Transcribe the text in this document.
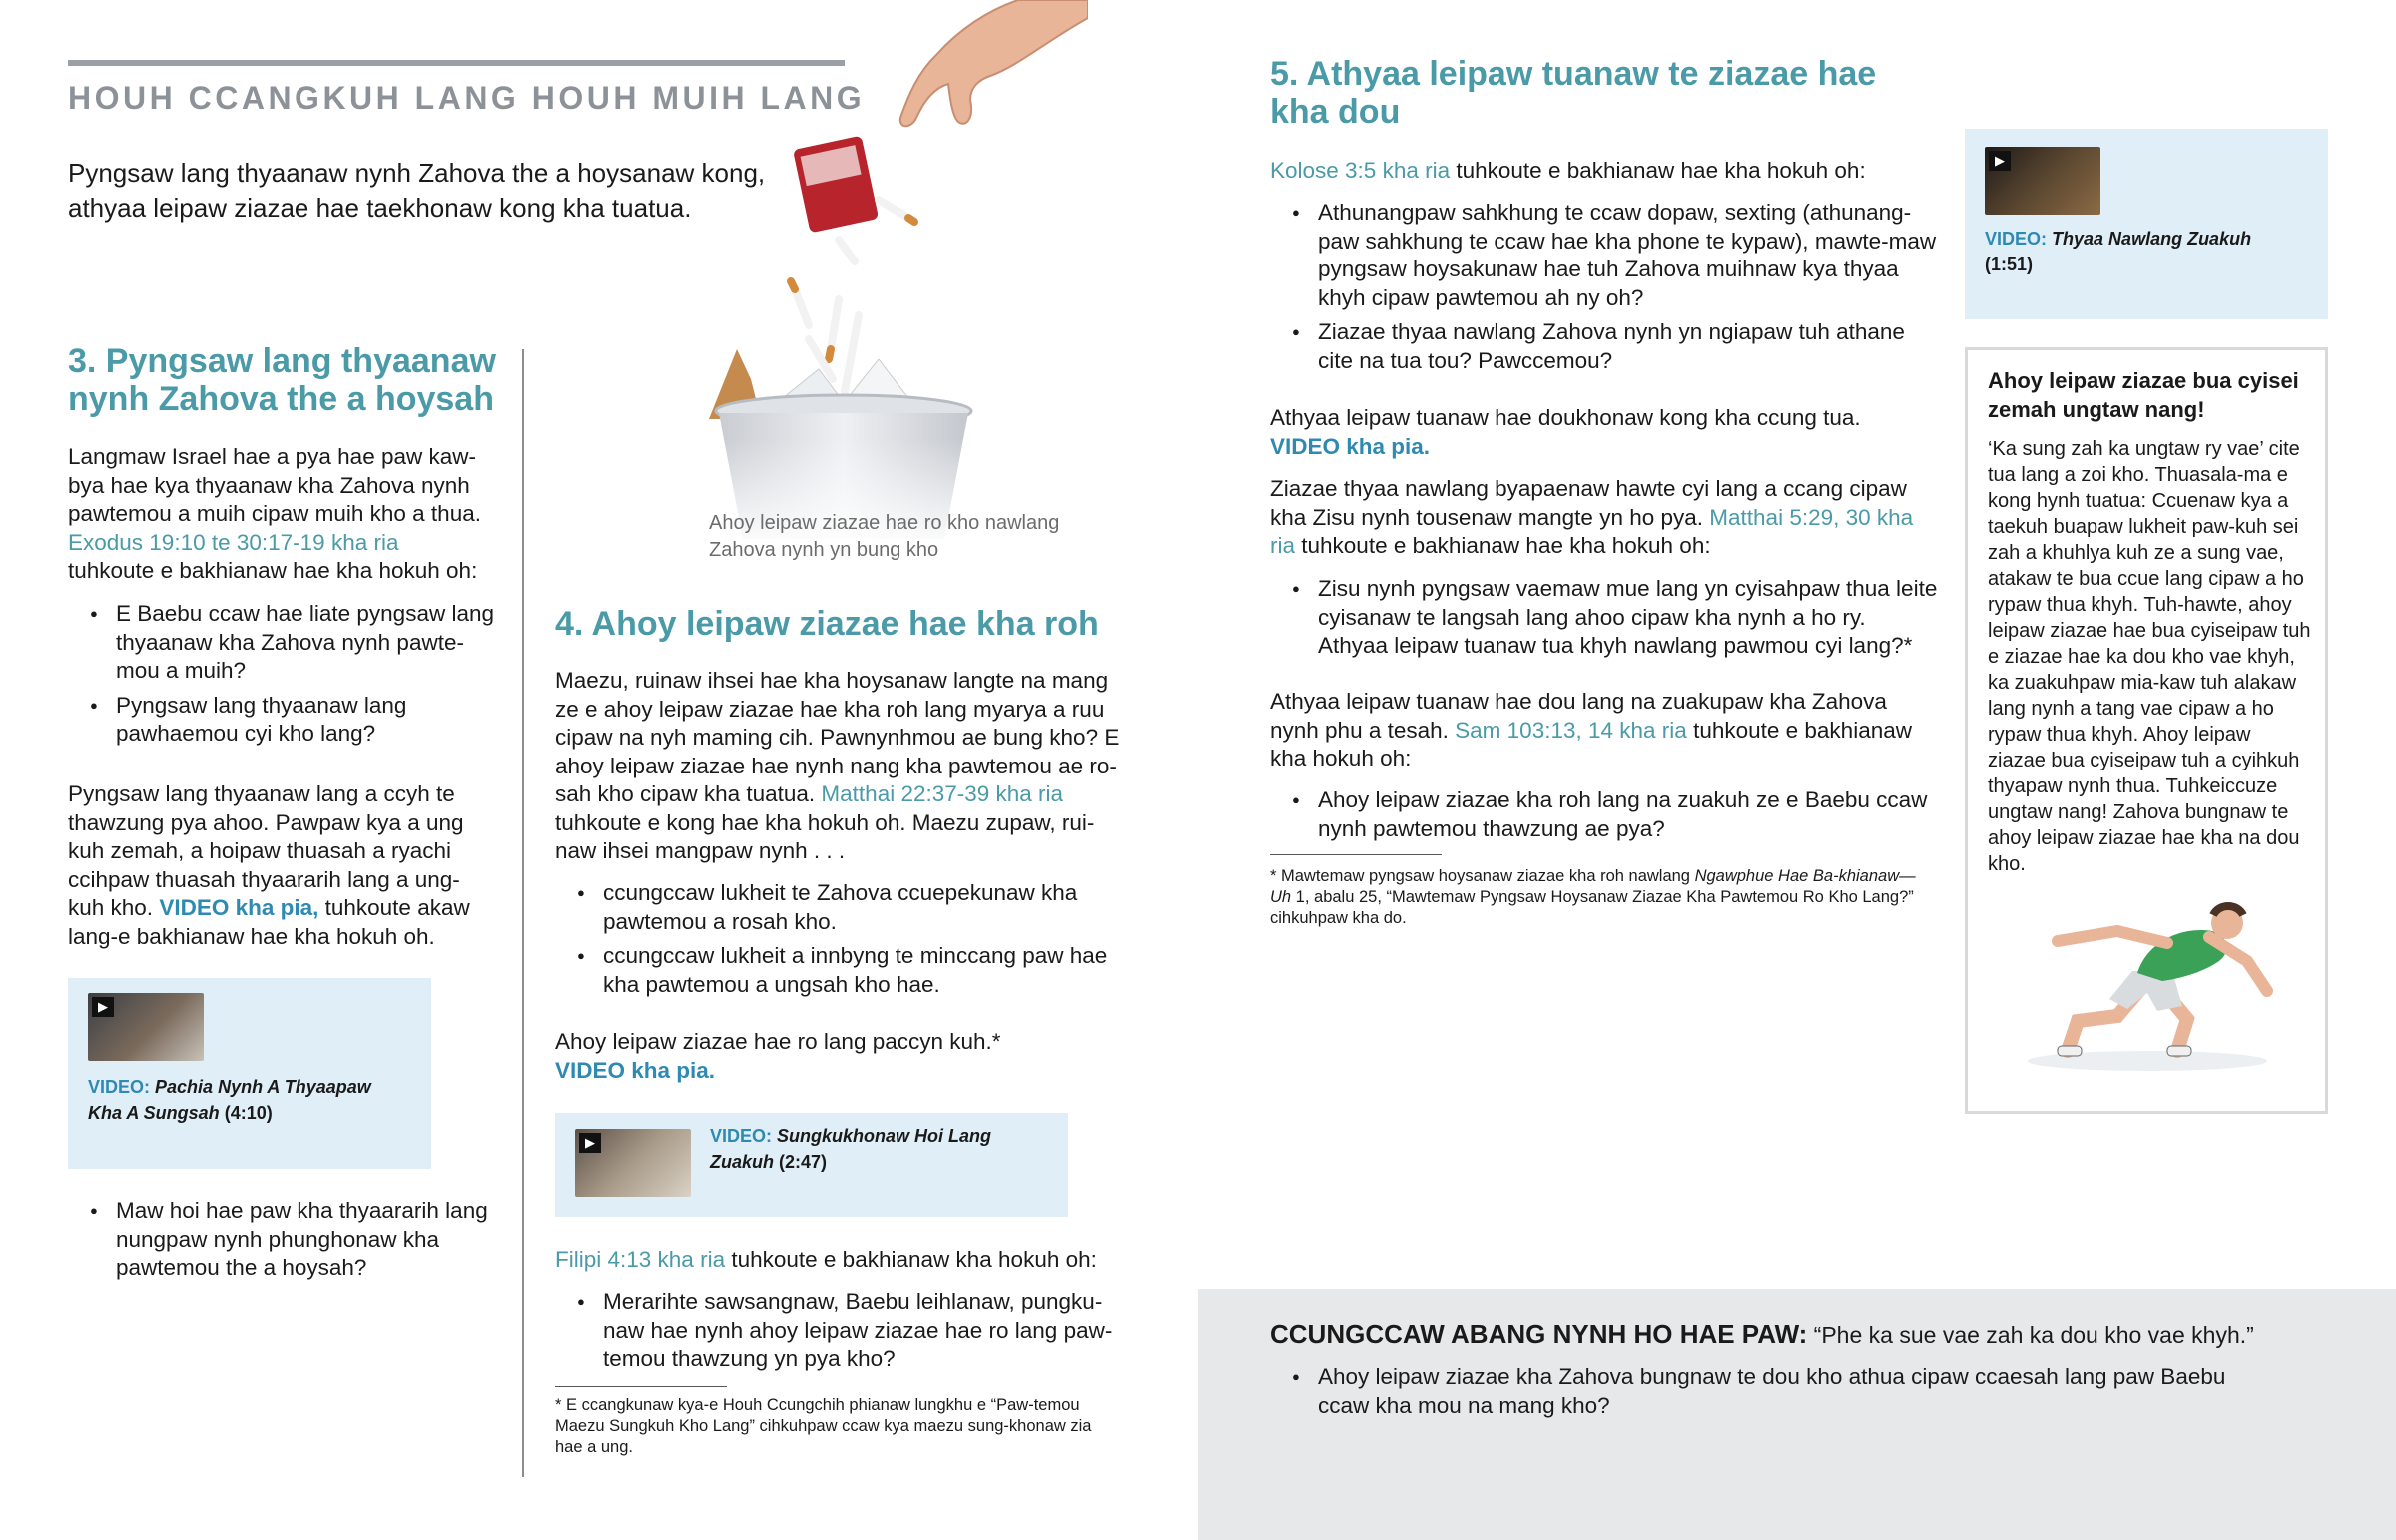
HOUH CCANGKUH LANG HOUH MUIH LANG
Pyngsaw lang thyaanaw nynh Zahova the a hoysanaw kong, athyaa leipaw ziazae hae taekhonaw kong kha tuatua.
Ahoy leipaw ziazae hae ro kho nawlang Zahova nynh yn bung kho
3. Pyngsaw lang thyaanaw nynh Zahova the a hoysah
Langmaw Israel hae a pya hae paw kaw-bya hae kya thyaanaw kha Zahova nynh pawtemou a muih cipaw muih kho a thua. Exodus 19:10 te 30:17-19 kha ria tuhkoute e bakhianaw hae kha hokuh oh:
● E Baebu ccaw hae liate pyngsaw lang thyaanaw kha Zahova nynh pawte-mou a muih?
● Pyngsaw lang thyaanaw lang pawhaemou cyi kho lang?
Pyngsaw lang thyaanaw lang a ccyh te thawzung pya ahoo. Pawpaw kya a ung kuh zemah, a hoipaw thuasah a ryachi ccihpaw thuasah thyaararih lang a ung-kuh kho. VIDEO kha pia, tuhkoute akaw lang-e bakhianaw hae kha hokuh oh.
▶
VIDEO: Pachia Nynh A Thyaapaw Kha A Sungsah (4:10)
● Maw hoi hae paw kha thyaararih lang nungpaw nynh phunghonaw kha pawtemou the a hoysah?
4. Ahoy leipaw ziazae hae kha roh
Maezu, ruinaw ihsei hae kha hoysanaw langte na mang ze e ahoy leipaw ziazae hae kha roh lang myarya a ruu cipaw na nyh maming cih. Pawnynhmou ae bung kho? E ahoy leipaw ziazae hae nynh nang kha pawtemou ae ro-sah kho cipaw kha tuatua. Matthai 22:37-39 kha ria tuhkoute e kong hae kha hokuh oh. Maezu zupaw, rui-naw ihsei mangpaw nynh . . .
● ccungccaw lukheit te Zahova ccuepekunaw kha pawtemou a rosah kho.
● ccungccaw lukheit a innbyng te minccang paw hae kha pawtemou a ungsah kho hae.
Ahoy leipaw ziazae hae ro lang paccyn kuh.*
VIDEO kha pia.
▶	VIDEO: Sungkukhonaw Hoi Lang Zuakuh (2:47)
Filipi 4:13 kha ria tuhkoute e bakhianaw kha hokuh oh:
● Merarihte sawsangnaw, Baebu leihlanaw, pungku-naw hae nynh ahoy leipaw ziazae hae ro lang paw-temou thawzung yn pya kho?
* E ccangkunaw kya-e Houh Ccungchih phianaw lungkhu e “Paw-temou Maezu Sungkuh Kho Lang” cihkuhpaw ccaw kya maezu sung-khonaw zia hae a ung.
5. Athyaa leipaw tuanaw te ziazae hae kha dou
Kolose 3:5 kha ria tuhkoute e bakhianaw hae kha hokuh oh:
● Athunangpaw sahkhung te ccaw dopaw, sexting (athunang-paw sahkhung te ccaw hae kha phone te kypaw), mawte-maw pyngsaw hoysakunaw hae tuh Zahova muihnaw kya thyaa khyh cipaw pawtemou ah ny oh?
● Ziazae thyaa nawlang Zahova nynh yn ngiapaw tuh athane cite na tua tou? Pawccemou?
Athyaa leipaw tuanaw hae doukhonaw kong kha ccung tua.
VIDEO kha pia.
Ziazae thyaa nawlang byapaenaw hawte cyi lang a ccang cipaw kha Zisu nynh tousenaw mangte yn ho pya. Matthai 5:29, 30 kha ria tuhkoute e bakhianaw hae kha hokuh oh:
● Zisu nynh pyngsaw vaemaw mue lang yn cyisahpaw thua leite cyisanaw te langsah lang ahoo cipaw kha nynh a ho ry. Athyaa leipaw tuanaw tua khyh nawlang pawmou cyi lang?*
Athyaa leipaw tuanaw hae dou lang na zuakupaw kha Zahova nynh phu a tesah. Sam 103:13, 14 kha ria tuhkoute e bakhianaw kha hokuh oh:
● Ahoy leipaw ziazae kha roh lang na zuakuh ze e Baebu ccaw nynh pawtemou thawzung ae pya?
* Mawtemaw pyngsaw hoysanaw ziazae kha roh nawlang Ngawphue Hae Ba-khianaw—Uh 1, abalu 25, “Mawtemaw Pyngsaw Hoysanaw Ziazae Kha Pawtemou Ro Kho Lang?” cihkuhpaw kha do.
▶
VIDEO: Thyaa Nawlang Zuakuh
(1:51)
Ahoy leipaw ziazae bua cyisei zemah ungtaw nang!
‘Ka sung zah ka ungtaw ry vae’ cite tua lang a zoi kho. Thuasala-ma e kong hynh tuatua: Ccuenaw kya a taekuh buapaw lukheit paw-kuh sei zah a khuhlya kuh ze a sung vae, atakaw te bua ccue lang cipaw a ho rypaw thua khyh. Tuh-hawte, ahoy leipaw ziazae hae bua cyiseipaw tuh e ziazae hae ka dou kho vae khyh, ka zuakuhpaw mia-kaw tuh alakaw lang nynh a tang vae cipaw a ho rypaw thua khyh. Ahoy leipaw ziazae bua cyiseipaw tuh a cyihkuh thyapaw nynh thua. Tuhkeiccuze ungtaw nang! Zahova bungnaw te ahoy leipaw ziazae hae kha na dou kho.
CCUNGCCAW ABANG NYNH HO HAE PAW: “Phe ka sue vae zah ka dou kho vae khyh.”
● Ahoy leipaw ziazae kha Zahova bungnaw te dou kho athua cipaw ccaesah lang paw Baebu ccaw kha mou na mang kho?
